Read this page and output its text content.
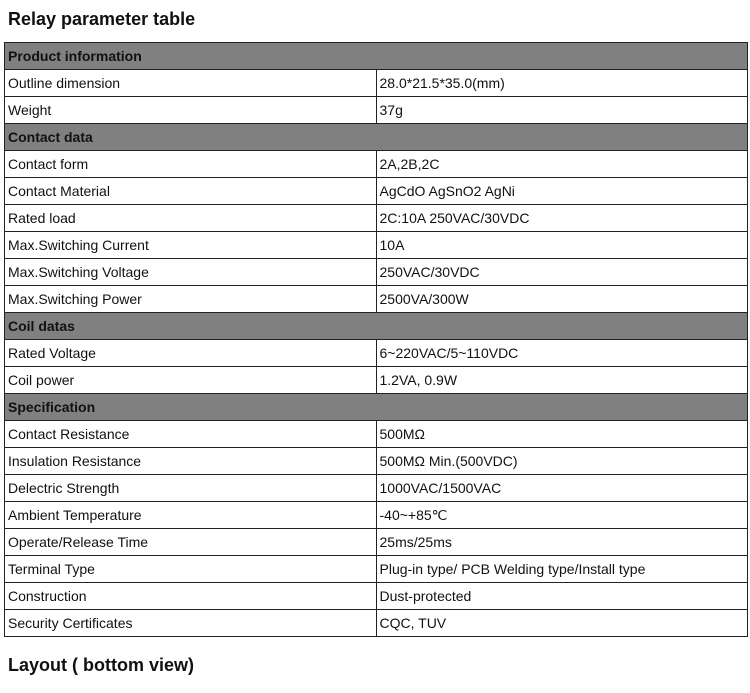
Relay parameter table
Product information	
Outline dimension	28.0*21.5*35.0(mm)
Weight	37g
Contact data	
Contact form	2A,2B,2C
Contact Material	AgCdO AgSnO2 AgNi
Rated load	2C:10A 250VAC/30VDC
Max.Switching Current	10A
Max.Switching Voltage	250VAC/30VDC
Max.Switching Power	2500VA/300W
Coil datas	
Rated Voltage	6~220VAC/5~110VDC
Coil power	1.2VA, 0.9W
Specification	
Contact Resistance	500MΩ
Insulation Resistance	500MΩ Min.(500VDC)
Delectric Strength	1000VAC/1500VAC
Ambient Temperature	-40~+85℃
Operate/Release Time	25ms/25ms
Terminal Type	Plug-in type/ PCB Welding type/Install type
Construction	Dust-protected
Security Certificates	CQC, TUV
Layout ( bottom view)
